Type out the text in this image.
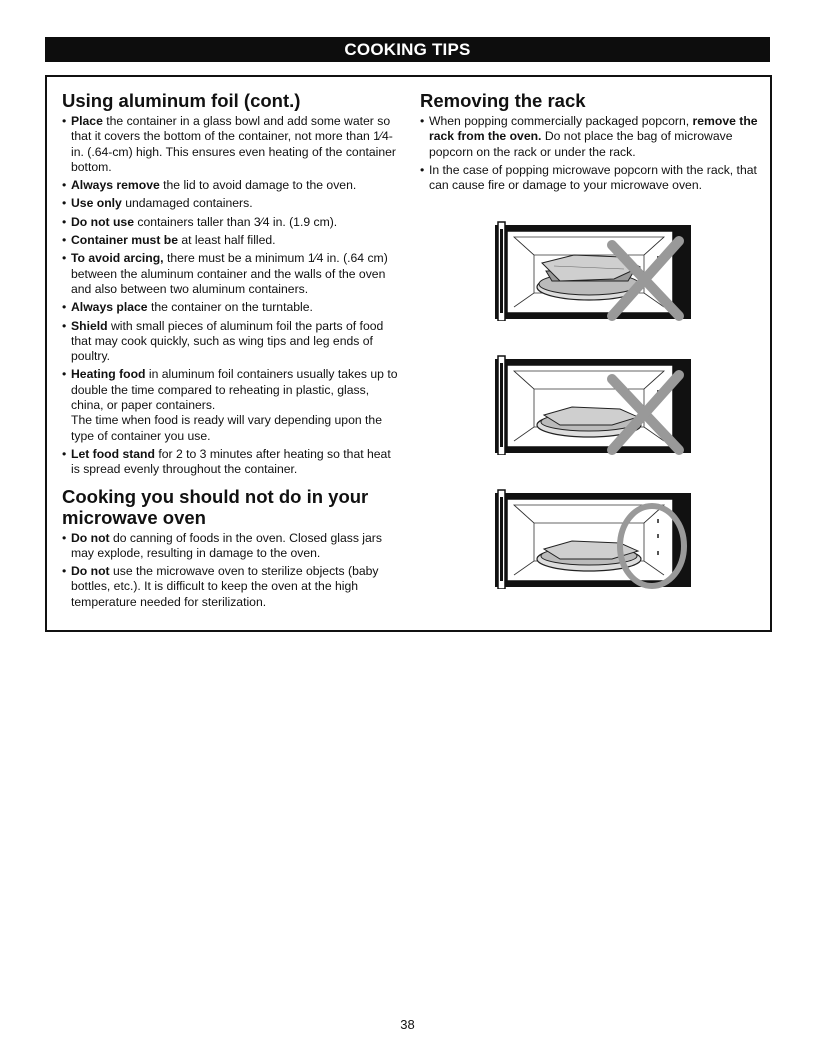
COOKING TIPS
Using aluminum foil (cont.)
• Place the container in a glass bowl and add some water so that it covers the bottom of the container, not more than 1⁄4-in. (.64-cm) high. This ensures even heating of the container bottom.
• Always remove the lid to avoid damage to the oven.
• Use only undamaged containers.
• Do not use containers taller than 3⁄4 in. (1.9 cm).
• Container must be at least half filled.
• To avoid arcing, there must be a minimum 1⁄4 in. (.64 cm) between the aluminum container and the walls of the oven and also between two aluminum containers.
• Always place the container on the turntable.
• Shield with small pieces of aluminum foil the parts of food that may cook quickly, such as wing tips and leg ends of poultry.
• Heating food in aluminum foil containers usually takes up to double the time compared to reheating in plastic, glass, china, or paper containers.
The time when food is ready will vary depending upon the type of container you use.
• Let food stand for 2 to 3 minutes after heating so that heat is spread evenly throughout the container.
Cooking you should not do in your microwave oven
• Do not do canning of foods in the oven. Closed glass jars may explode, resulting in damage to the oven.
• Do not use the microwave oven to sterilize objects (baby bottles, etc.). It is difficult to keep the oven at the high temperature needed for sterilization.
Removing the rack
• When popping commercially packaged popcorn, remove the rack from the oven. Do not place the bag of microwave popcorn on the rack or under the rack.
• In the case of popping microwave popcorn with the rack, that can cause fire or damage to your microwave oven.
38
